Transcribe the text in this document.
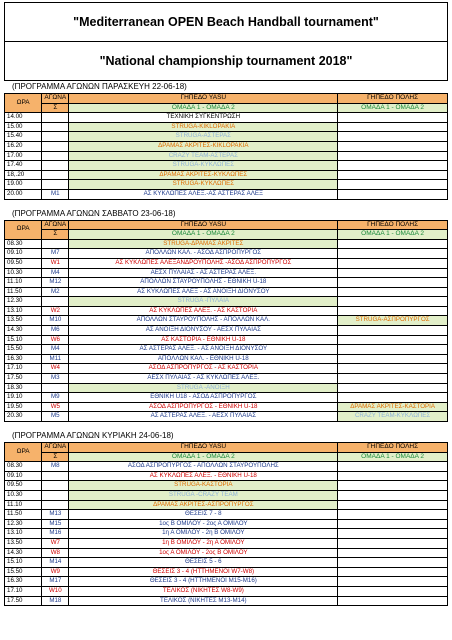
"Mediterranean OPEN Beach Handball tournament"
"National championship tournament 2018"
(ΠΡΟΓΡΑΜΜΑ ΑΓΩΝΩΝ ΠΑΡΑΣΚΕΥΗ 22-06-18)
ΩΡΑ	ΑΓΩΝΑ	ΓΗΠΕΔΟ YASU	ΓΗΠΕΔΟ ΠΟΛΗΣ
	Σ	ΟΜΑΔΑ 1 - ΟΜΑΔΑ 2	ΟΜΑΔΑ 1 - ΟΜΑΔΑ 2
14.00		ΤΕΧΝΙΚΗ ΣΥΓΚΕΝΤΡΩΣΗ	
15.00		STRUGA-KIKLOPAKIA	
15.40		STRUGA-ΑΣΤΕΡΑΣ	
16.20		ΔΡΑΜΑΣ ΑΚΡΙΤΕΣ-KIKLOPAKIA	
17.00		CRAZY TEAM-ΑΣΤΕΡΑΣ	
17.40		STRUGA-ΚΥΚΛΩΠΕΣ	
18,.20		ΔΡΑΜΑΣ ΑΚΡΙΤΕΣ-ΚΥΚΛΩΠΕΣ	
19.00		STRUGA-ΚΥΚΛΩΠΕΣ	
20.00	M1	ΑΣ ΚΥΚΛΩΠΕΣ ΑΛΕΞ.-ΑΣ ΑΣΤΕΡΑΣ ΑΛΕΞ	
(ΠΡΟΓΡΑΜΜΑ ΑΓΩΝΩΝ ΣΑΒΒΑΤΟ 23-06-18)
ΩΡΑ	ΑΓΩΝΑ	ΓΗΠΕΔΟ YASU	ΓΗΠΕΔΟ ΠΟΛΗΣ
	Σ	ΟΜΑΔΑ 1 - ΟΜΑΔΑ 2	ΟΜΑΔΑ 1 - ΟΜΑΔΑ 2
08.30		STRUGA-ΔΡΑΜΑΣ ΑΚΡΙΤΕΣ	
09.10	M7	ΑΠΟΛΛΩΝ ΚΑΛ. - ΑΣΟΔ ΑΣΠΡΟΠΥΡΓΟΣ	
09.50	W1	ΑΣ ΚΥΚΛΩΠΕΣ ΑΛΕΞΑΝΔΡΟΥΠΟΛΗΣ -ΑΣΟΔ ΑΣΠΡΟΠΥΡΓΟΣ	
10.30	M4	ΑΕΣΧ ΠΥΛΑΙΑΣ - ΑΣ ΑΣΤΕΡΑΣ ΑΛΕΞ.	
11.10	M12	ΑΠΟΛΛΩΝ ΣΤΑΥΡΟΥΠΟΛΗΣ - ΕΘΝΙΚΗ U-18	
11.50	M2	ΑΣ ΚΥΚΛΩΠΕΣ ΑΛΕΞ - ΑΣ ΑΝΟΙΞΗ ΔΙΟΝΥΣΟΥ	
12.30		STRUGA -ΠΥΛΑΙΑ	
13.10	W2	ΑΣ ΚΥΚΛΩΠΕΣ ΑΛΕΞ. - ΑΣ ΚΑΣΤΟΡΙΑ	
13.50	M10	ΑΠΟΛΛΩΝ ΣΤΑΥΡΟΥΠΟΛΗΣ - ΑΠΟΛΛΩΝ ΚΑΛ.	STRUGA-ΑΣΠΡΟΠΥΡΓΟΣ
14.30	M6	ΑΣ ΑΝΟΙΞΗ ΔΙΟΝΥΣΟΥ - ΑΕΣΧ ΠΥΛΑΙΑΣ	
15.10	W6	ΑΣ ΚΑΣΤΟΡΙΑ - ΕΘΝΙΚΗ U-18	
15.50	M4	ΑΣ ΑΣΤΕΡΑΣ ΑΛΕΞ. - ΑΣ ΑΝΟΙΞΗ ΔΙΟΝΥΣΟΥ	
16.30	M11	ΑΠΟΛΛΩΝ ΚΑΛ. - ΕΘΝΙΚΗ U-18	
17.10	W4	ΑΣΟΔ ΑΣΠΡΟΠΥΡΓΟΣ - ΑΣ ΚΑΣΤΟΡΙΑ	
17.50	M3	ΑΕΣΧ ΠΥΛΑΙΑΣ - ΑΣ ΚΥΚΛΩΠΕΣ ΑΛΕΞ.	
18.30		STRUGA -ΑΝΟΙΞΗ	
19.10	M9	ΕΘΝΙΚΗ U18 - ΑΣΟΔ ΑΣΠΡΟΠΥΡΓΟΣ	
19.50	W5	ΑΣΟΔ ΑΣΠΡΟΠΥΡΓΟΣ - ΕΘΝΙΚΗ U-18	ΔΡΑΜΑΣ ΑΚΡΙΤΕΣ-ΚΑΣΤΟΡΙΑ
20.30	M5	ΑΣ ΑΣΤΕΡΑΣ ΑΛΕΞ. - ΑΕΣΧ ΠΥΛΑΙΑΣ	CRAZY TEAM-ΚΥΚΛΩΠΕΣ
(ΠΡΟΓΡΑΜΜΑ ΑΓΩΝΩΝ ΚΥΡΙΑΚΗ 24-06-18)
ΩΡΑ	ΑΓΩΝΑ	ΓΗΠΕΔΟ YASU	ΓΗΠΕΔΟ ΠΟΛΗΣ
	Σ	ΟΜΑΔΑ 1 - ΟΜΑΔΑ 2	ΟΜΑΔΑ 1 - ΟΜΑΔΑ 2
08.30	M8	ΑΣΟΔ ΑΣΠΡΟΠΥΡΓΟΣ - ΑΠΟΛΛΩΝ ΣΤΑΥΡΟΥΠΟΛΗΣ	
09.10		ΑΣ ΚΥΚΛΩΠΕΣ ΑΛΕΞ. - ΕΘΝΙΚΗ U-18	
09.50		STRUGA-ΚΑΣΤΟΡΙΑ	
10.30		STRUGA -CRAZY TEAM	
11.10		ΔΡΑΜΑΣ ΑΚΡΙΤΕΣ-ΑΣΠΡΟΠΥΡΓΟΣ	
11.50	M13	ΘΕΣΕΙΣ 7 - 8	
12.30	M15	1ος Β ΟΜΙΛΟΥ - 2ος Α ΟΜΙΛΟΥ	
13.10	M16	1η Α ΟΜΙΛΟΥ - 2η Β ΟΜΙΛΟΥ	
13.50	W7	1η Β ΟΜΙΛΟΥ - 2η Α ΟΜΙΛΟΥ	
14.30	W8	1ος Α ΟΜΙΛΟΥ - 2ος Β ΟΜΙΛΟΥ	
15.10	M14	ΘΕΣΕΙΣ 5 - 6	
15.50	W9	ΘΕΣΕΙΣ 3 - 4 (ΗΤΤΗΜΕΝΟΙ W7-W8)	
16.30	M17	ΘΕΣΕΙΣ 3 - 4 (ΗΤΤΗΜΕΝΟΙ M15-M16)	
17.10	W10	ΤΕΛΙΚΟΣ (ΝΙΚΗΤΕΣ W8-W9)	
17.50	M18	ΤΕΛΙΚΟΣ (ΝΙΚΗΤΕΣ M13-M14)	
